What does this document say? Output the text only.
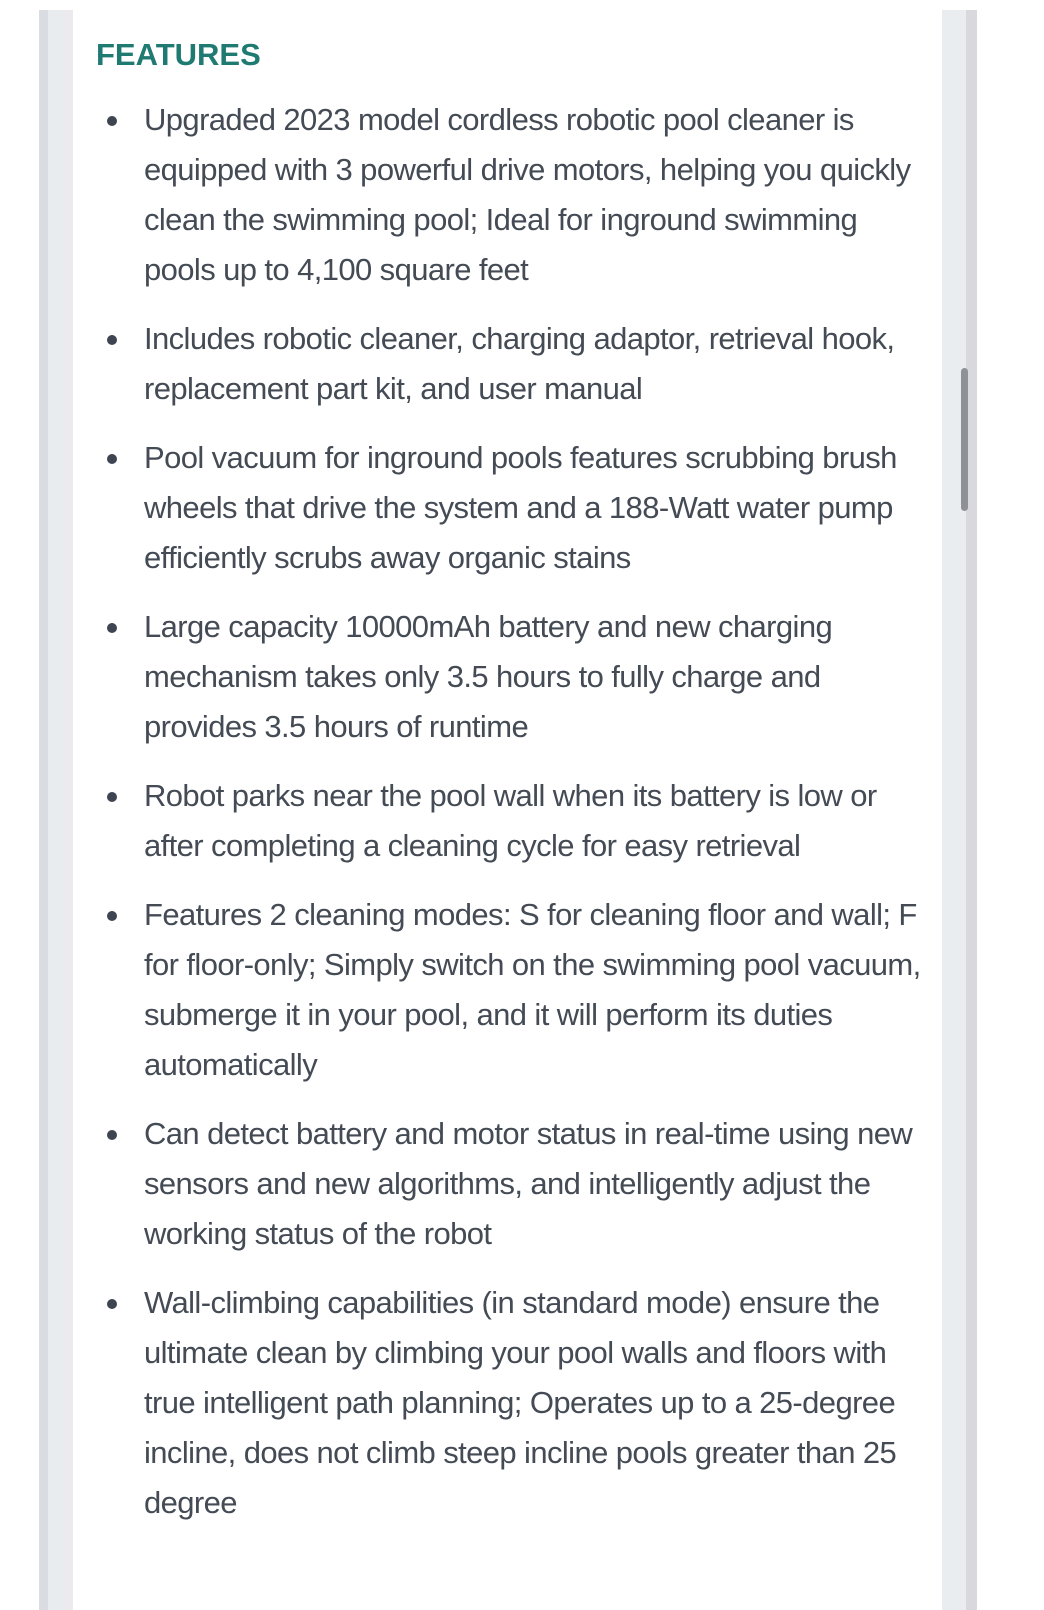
FEATURES
Upgraded 2023 model cordless robotic pool cleaner is equipped with 3 powerful drive motors, helping you quickly clean the swimming pool; Ideal for inground swimming pools up to 4,100 square feet
Includes robotic cleaner, charging adaptor, retrieval hook, replacement part kit, and user manual
Pool vacuum for inground pools features scrubbing brush wheels that drive the system and a 188-Watt water pump efficiently scrubs away organic stains
Large capacity 10000mAh battery and new charging mechanism takes only 3.5 hours to fully charge and provides 3.5 hours of runtime
Robot parks near the pool wall when its battery is low or after completing a cleaning cycle for easy retrieval
Features 2 cleaning modes: S for cleaning floor and wall; F for floor-only; Simply switch on the swimming pool vacuum, submerge it in your pool, and it will perform its duties automatically
Can detect battery and motor status in real-time using new sensors and new algorithms, and intelligently adjust the working status of the robot
Wall-climbing capabilities (in standard mode) ensure the ultimate clean by climbing your pool walls and floors with true intelligent path planning; Operates up to a 25-degree incline, does not climb steep incline pools greater than 25 degree
